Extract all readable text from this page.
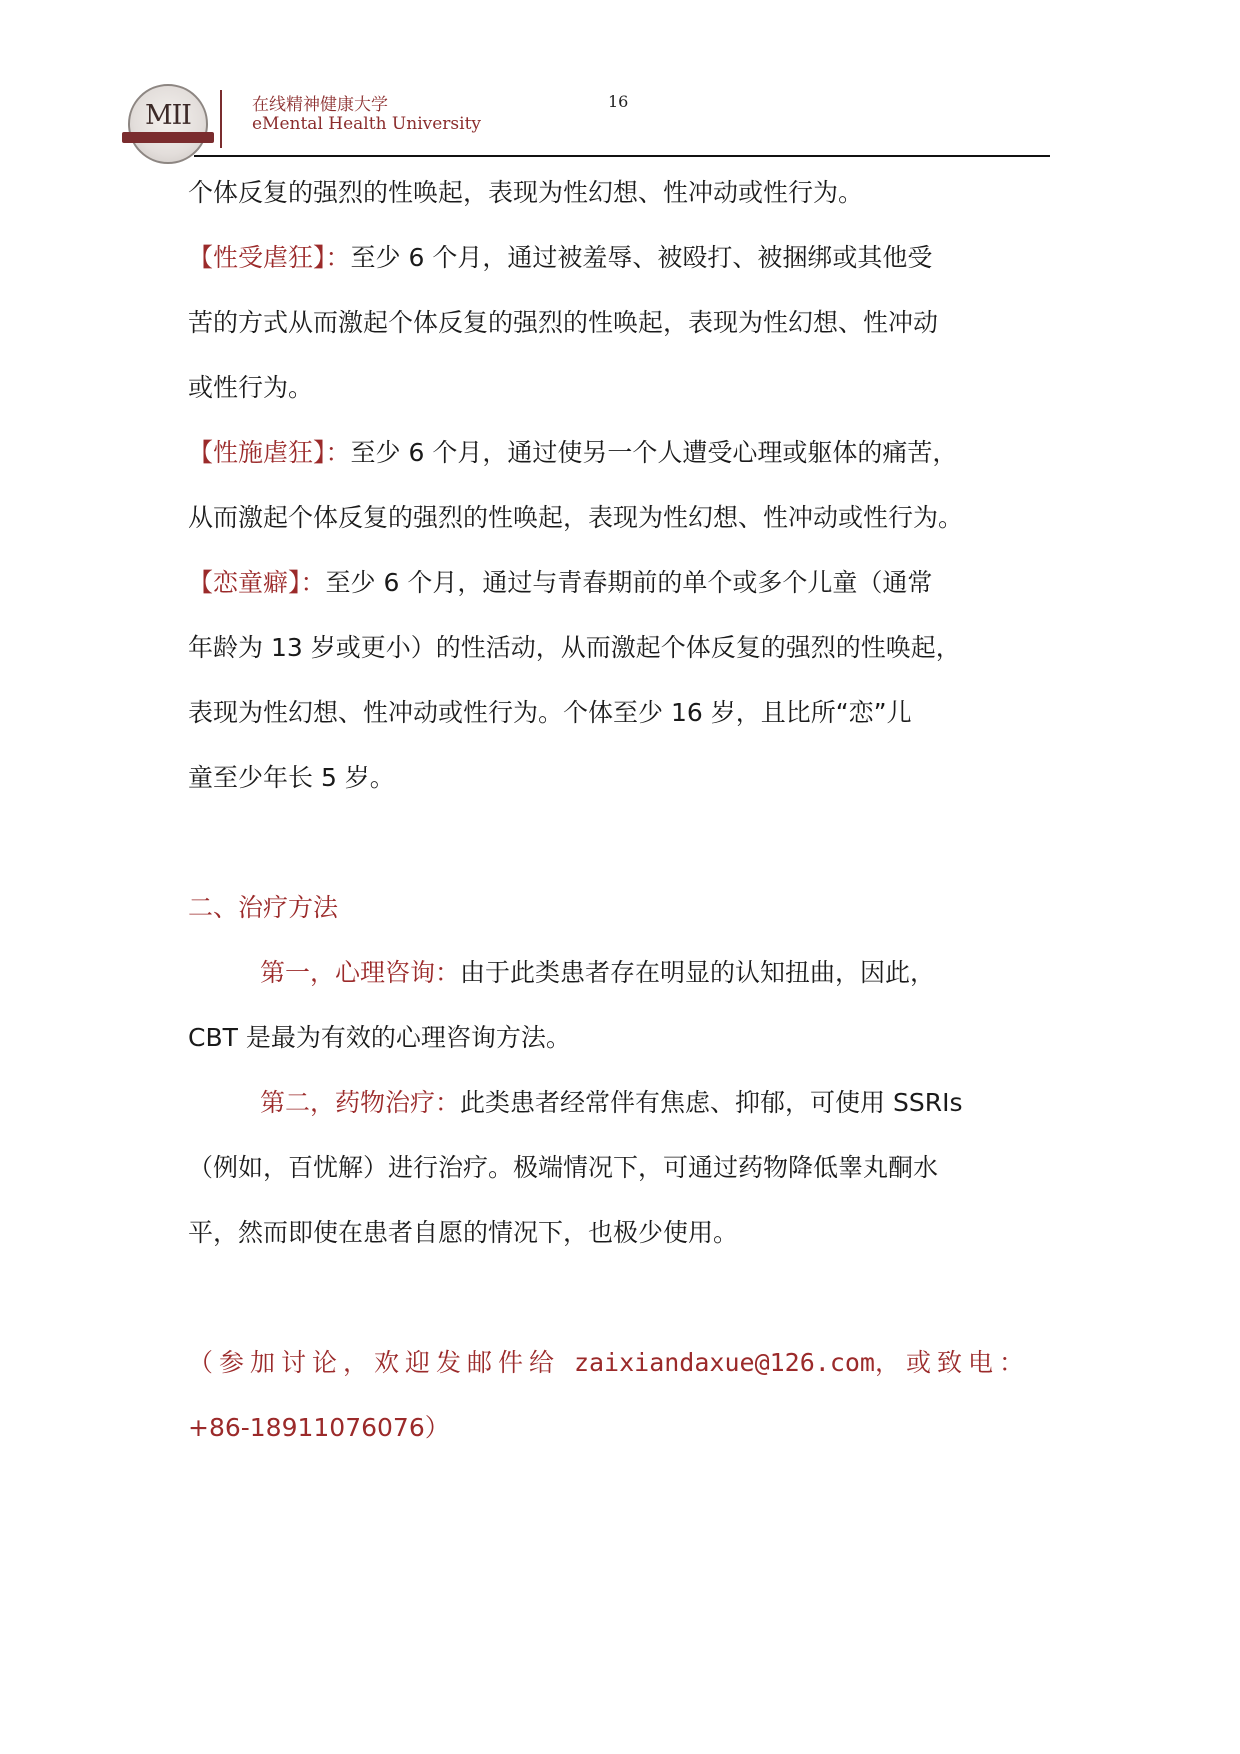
MII	在线精神健康大学
eMental Health University
16
个体反复的强烈的性唤起，表现为性幻想、性冲动或性行为。
【性受虐狂】：至少 6 个月，通过被羞辱、被殴打、被捆绑或其他受
苦的方式从而激起个体反复的强烈的性唤起，表现为性幻想、性冲动
或性行为。
【性施虐狂】：至少 6 个月，通过使另一个人遭受心理或躯体的痛苦，
从而激起个体反复的强烈的性唤起，表现为性幻想、性冲动或性行为。
【恋童癖】：至少 6 个月，通过与青春期前的单个或多个儿童（通常
年龄为 13 岁或更小）的性活动，从而激起个体反复的强烈的性唤起，
表现为性幻想、性冲动或性行为。个体至少 16 岁，且比所“恋”儿
童至少年长 5 岁。
二、治疗方法
第一，心理咨询：由于此类患者存在明显的认知扭曲，因此，
CBT 是最为有效的心理咨询方法。
第二，药物治疗：此类患者经常伴有焦虑、抑郁，可使用 SSRIs
（例如，百忧解）进行治疗。极端情况下，可通过药物降低睾丸酮水
平，然而即使在患者自愿的情况下，也极少使用。
（参加讨论，欢迎发邮件给 zaixiandaxue@126.com，或致电：
+86-18911076076）
